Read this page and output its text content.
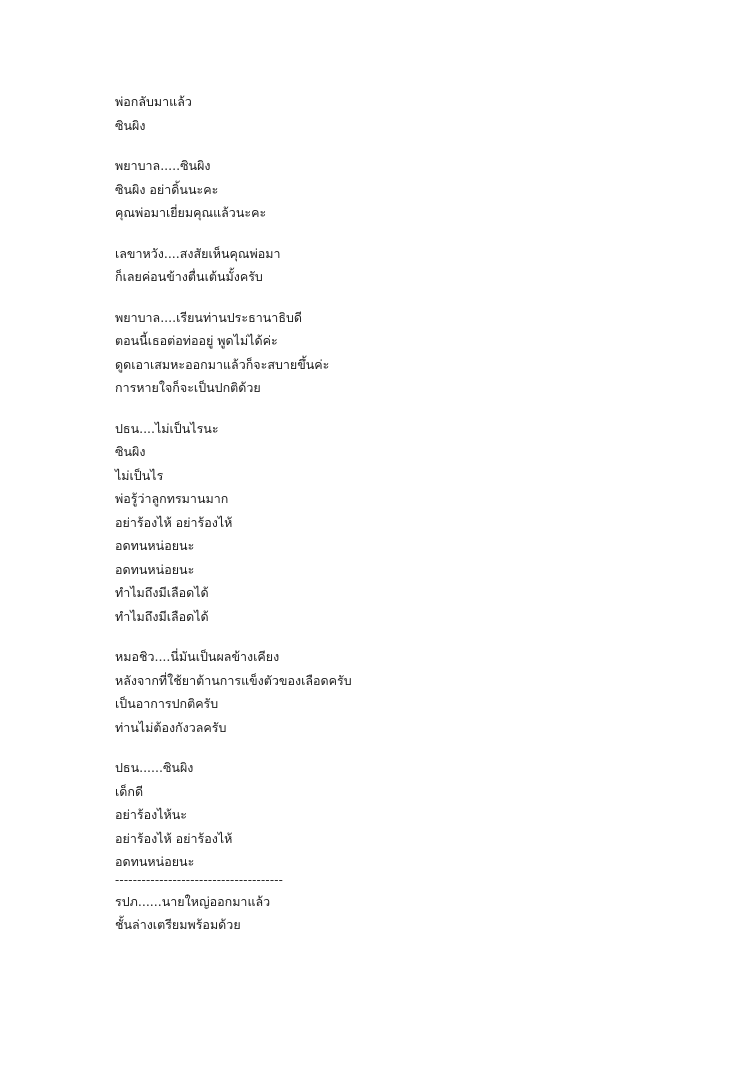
พ่อกลับมาแล้ว
ซินผิง
พยาบาล.....ซินผิง
ซินผิง อย่าดิ้นนะคะ
คุณพ่อมาเยี่ยมคุณแล้วนะคะ
เลขาหวัง....สงสัยเห็นคุณพ่อมา
ก็เลยค่อนข้างตื่นเต้นมั้งครับ
พยาบาล....เรียนท่านประธานาธิบดี
ตอนนี้เธอต่อท่ออยู่ พูดไม่ได้ค่ะ
ดูดเอาเสมหะออกมาแล้วก็จะสบายขึ้นค่ะ
การหายใจก็จะเป็นปกติด้วย
ปธน....ไม่เป็นไรนะ
ซินผิง
ไม่เป็นไร
พ่อรู้ว่าลูกทรมานมาก
อย่าร้องไห้ อย่าร้องไห้
อดทนหน่อยนะ
อดทนหน่อยนะ
ทำไมถึงมีเลือดได้
ทำไมถึงมีเลือดได้
หมอชิว....นี่มันเป็นผลข้างเคียง
หลังจากที่ใช้ยาต้านการแข็งตัวของเลือดครับ
เป็นอาการปกติครับ
ท่านไม่ต้องกังวลครับ
ปธน......ซินผิง
เด็กดี
อย่าร้องไห้นะ
อย่าร้องไห้ อย่าร้องไห้
อดทนหน่อยนะ
--------------------------------------
รปภ......นายใหญ่ออกมาแล้ว
ชั้นล่างเตรียมพร้อมด้วย
